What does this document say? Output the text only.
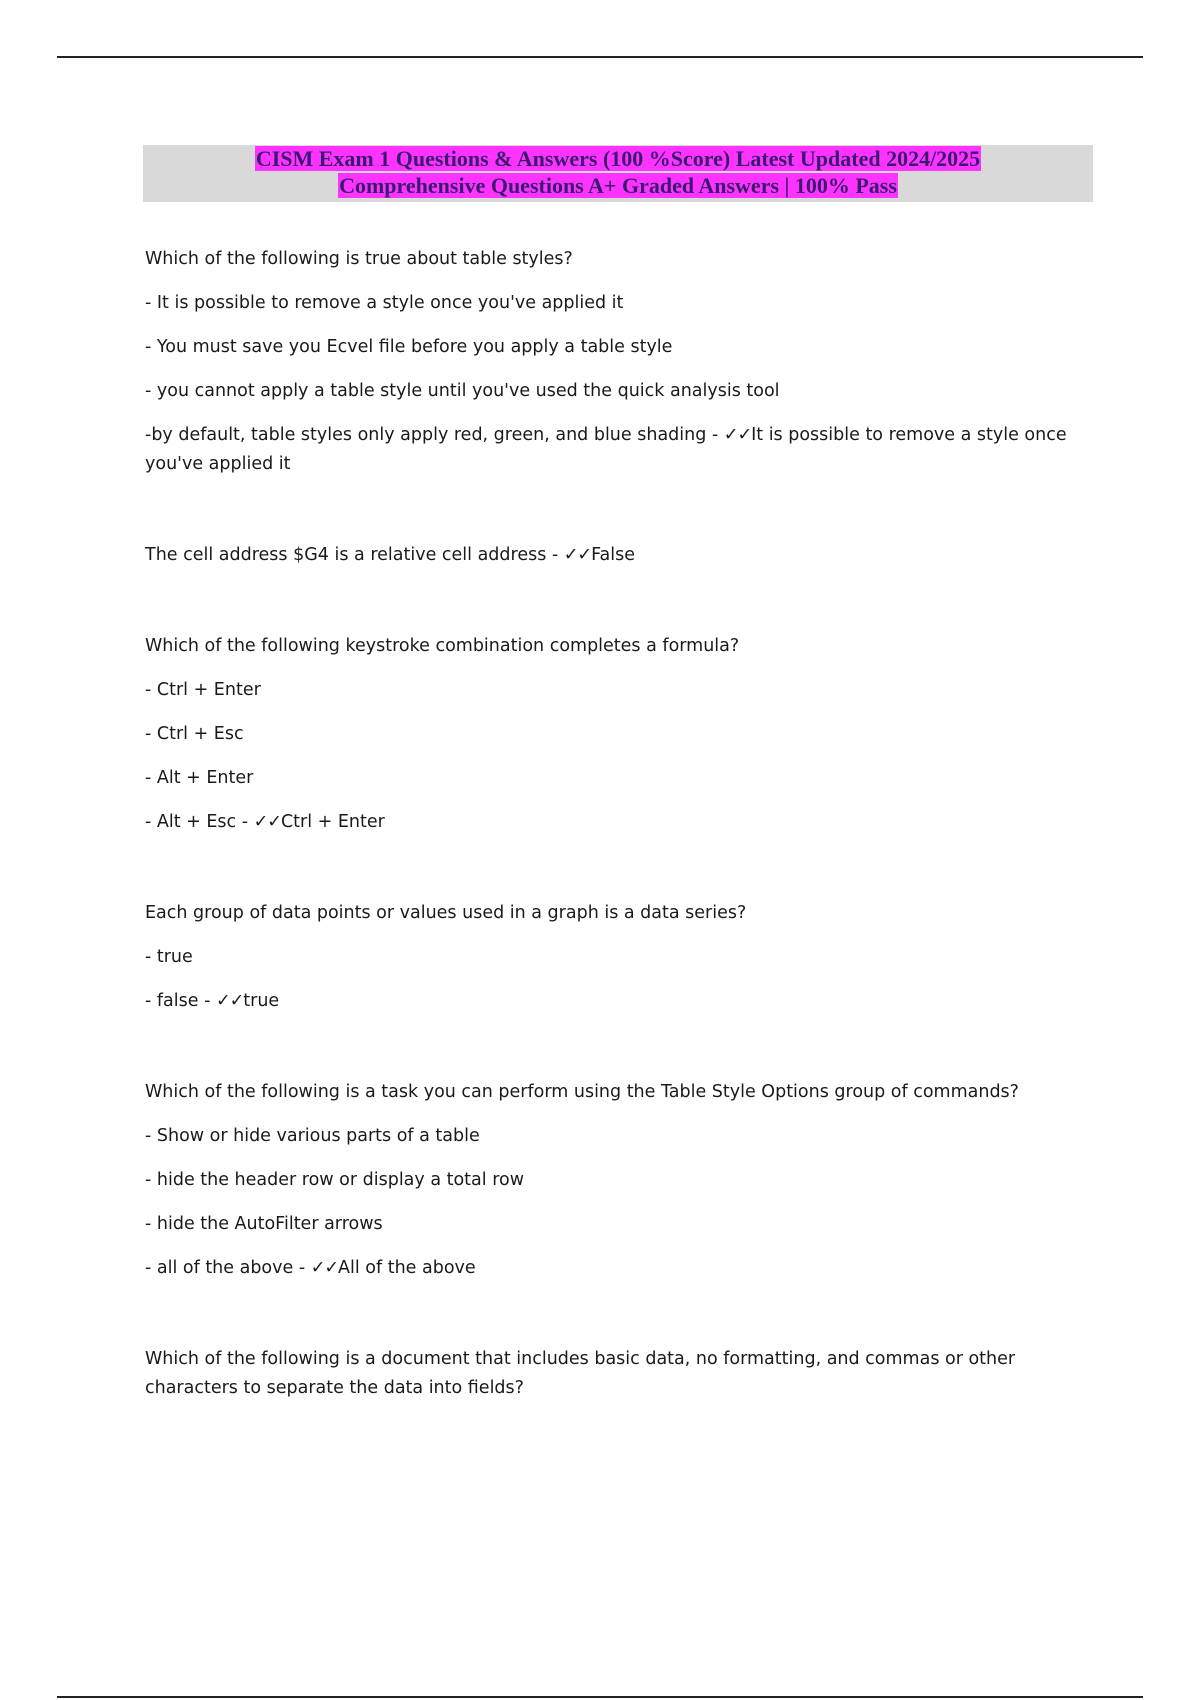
CISM Exam 1 Questions & Answers (100 %Score) Latest Updated 2024/2025
Comprehensive Questions A+ Graded Answers | 100% Pass

Which of the following is true about table styles?

- It is possible to remove a style once you've applied it

- You must save you Ecvel file before you apply a table style

- you cannot apply a table style until you've used the quick analysis tool

-by default, table styles only apply red, green, and blue shading - ✓✓It is possible to remove a style once you've applied it

The cell address $G4 is a relative cell address - ✓✓False

Which of the following keystroke combination completes a formula?

- Ctrl + Enter

- Ctrl + Esc

- Alt + Enter

- Alt + Esc - ✓✓Ctrl + Enter

Each group of data points or values used in a graph is a data series?

- true

- false - ✓✓true

Which of the following is a task you can perform using the Table Style Options group of commands?

- Show or hide various parts of a table

- hide the header row or display a total row

- hide the AutoFilter arrows

- all of the above - ✓✓All of the above

Which of the following is a document that includes basic data, no formatting, and commas or other characters to separate the data into fields?
